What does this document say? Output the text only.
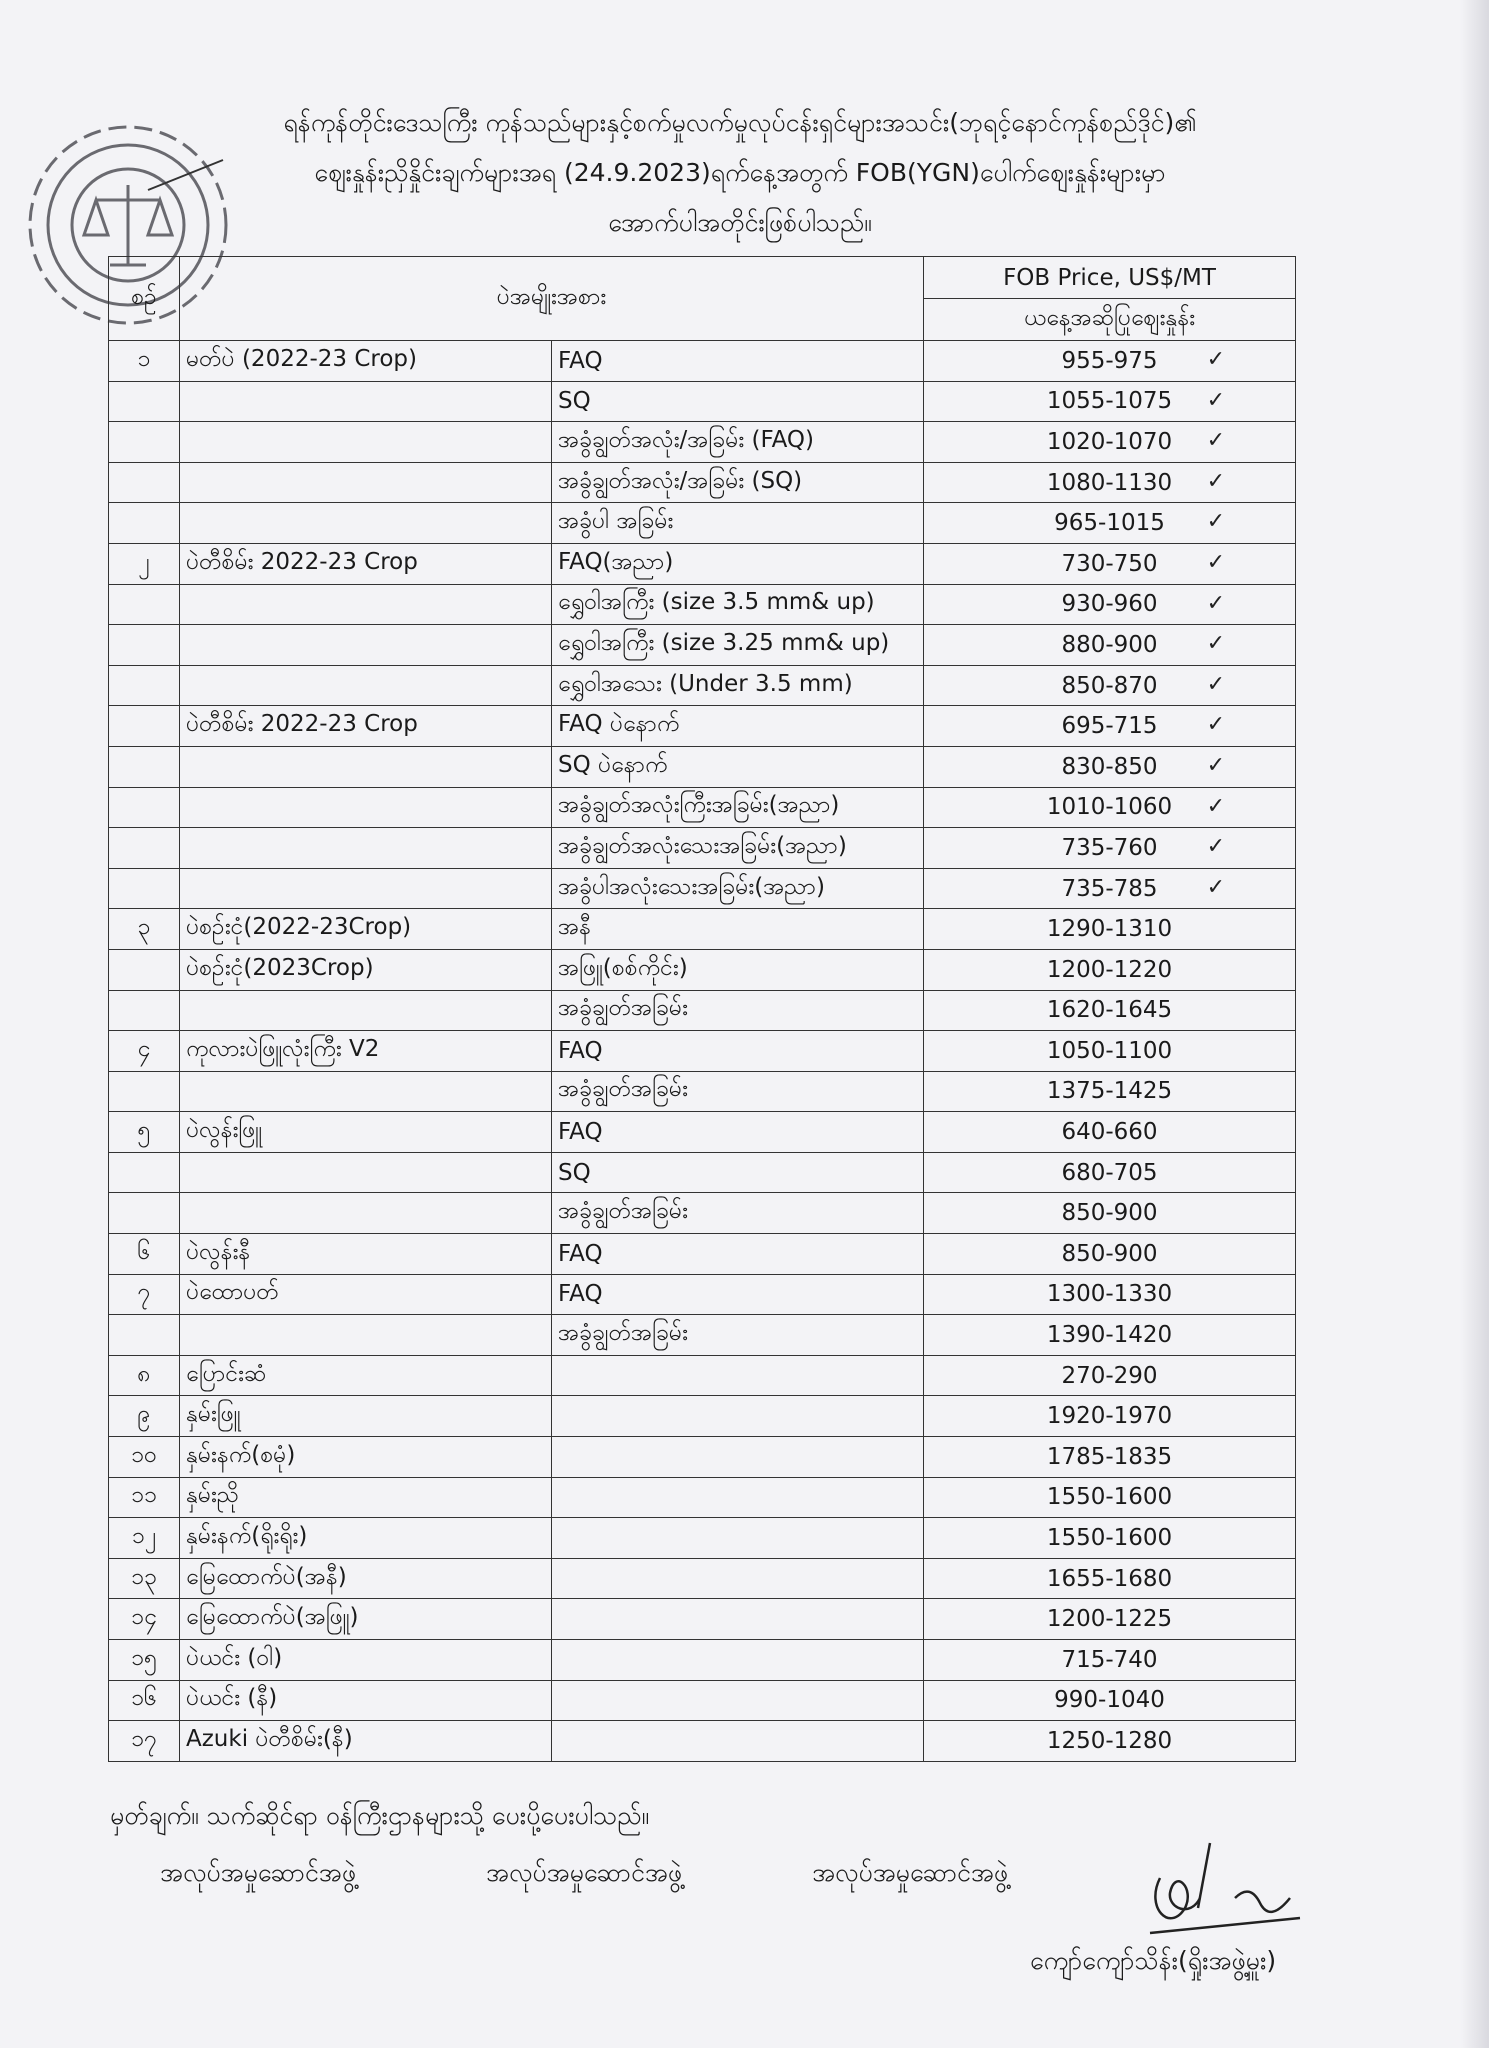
ရန်ကုန်တိုင်းဒေသကြီး ကုန်သည်များနှင့်စက်မှုလက်မှုလုပ်ငန်းရှင်များအသင်း(ဘုရင့်နောင်ကုန်စည်ဒိုင်)၏
ဈေးနှုန်းညှိနှိုင်းချက်များအရ (24.9.2023)ရက်နေ့အတွက် FOB(YGN)ပေါက်ဈေးနှုန်းများမှာ
အောက်ပါအတိုင်းဖြစ်ပါသည်။
စဉ်	ပဲအမျိုးအစား		FOB Price, US$/MT
			ယနေ့အဆိုပြုဈေးနှုန်း

၁	မတ်ပဲ (2022-23 Crop)	FAQ	955-975 ✓

		SQ	1055-1075 ✓

		အခွံချွတ်အလုံး/အခြမ်း (FAQ)	1020-1070 ✓

		အခွံချွတ်အလုံး/အခြမ်း (SQ)	1080-1130 ✓

		အခွံပါ အခြမ်း	965-1015 ✓

၂	ပဲတီစိမ်း 2022-23 Crop	FAQ(အညာ)	730-750 ✓

		ရွှေဝါအကြီး (size 3.5 mm& up)	930-960 ✓

		ရွှေဝါအကြီး (size 3.25 mm& up)	880-900 ✓

		ရွှေဝါအသေး (Under 3.5 mm)	850-870 ✓

	ပဲတီစိမ်း 2022-23 Crop	FAQ ပဲနောက်	695-715 ✓

		SQ ပဲနောက်	830-850 ✓

		အခွံချွတ်အလုံးကြီးအခြမ်း(အညာ)	1010-1060 ✓

		အခွံချွတ်အလုံးသေးအခြမ်း(အညာ)	735-760 ✓

		အခွံပါအလုံးသေးအခြမ်း(အညာ)	735-785 ✓

၃	ပဲစဉ်းငုံ(2022-23Crop)	အနီ	1290-1310
	ပဲစဉ်းငုံ(2023Crop)	အဖြူ(စစ်ကိုင်း)	1200-1220
		အခွံချွတ်အခြမ်း	1620-1645
၄	ကုလားပဲဖြူလုံးကြီး V2	FAQ	1050-1100
		အခွံချွတ်အခြမ်း	1375-1425
၅	ပဲလွန်းဖြူ	FAQ	640-660
		SQ	680-705
		အခွံချွတ်အခြမ်း	850-900
၆	ပဲလွန်းနီ	FAQ	850-900
၇	ပဲထောပတ်	FAQ	1300-1330
		အခွံချွတ်အခြမ်း	1390-1420
၈	ပြောင်းဆံ		270-290
၉	နှမ်းဖြူ		1920-1970
၁၀	နှမ်းနက်(စမုံ)		1785-1835
၁၁	နှမ်းညို		1550-1600
၁၂	နှမ်းနက်(ရိုးရိုး)		1550-1600
၁၃	မြေထောက်ပဲ(အနီ)		1655-1680
၁၄	မြေထောက်ပဲ(အဖြူ)		1200-1225
၁၅	ပဲယင်း (ဝါ)		715-740
၁၆	ပဲယင်း (နီ)		990-1040
၁၇	Azuki ပဲတီစိမ်း(နီ)		1250-1280
မှတ်ချက်။ သက်ဆိုင်ရာ ဝန်ကြီးဌာနများသို့ ပေးပို့ပေးပါသည်။
အလုပ်အမှုဆောင်အဖွဲ့	အလုပ်အမှုဆောင်အဖွဲ့	အလုပ်အမှုဆောင်အဖွဲ့
ကျော်ကျော်သိန်း(ရှိုးအဖွဲ့မှူး)
